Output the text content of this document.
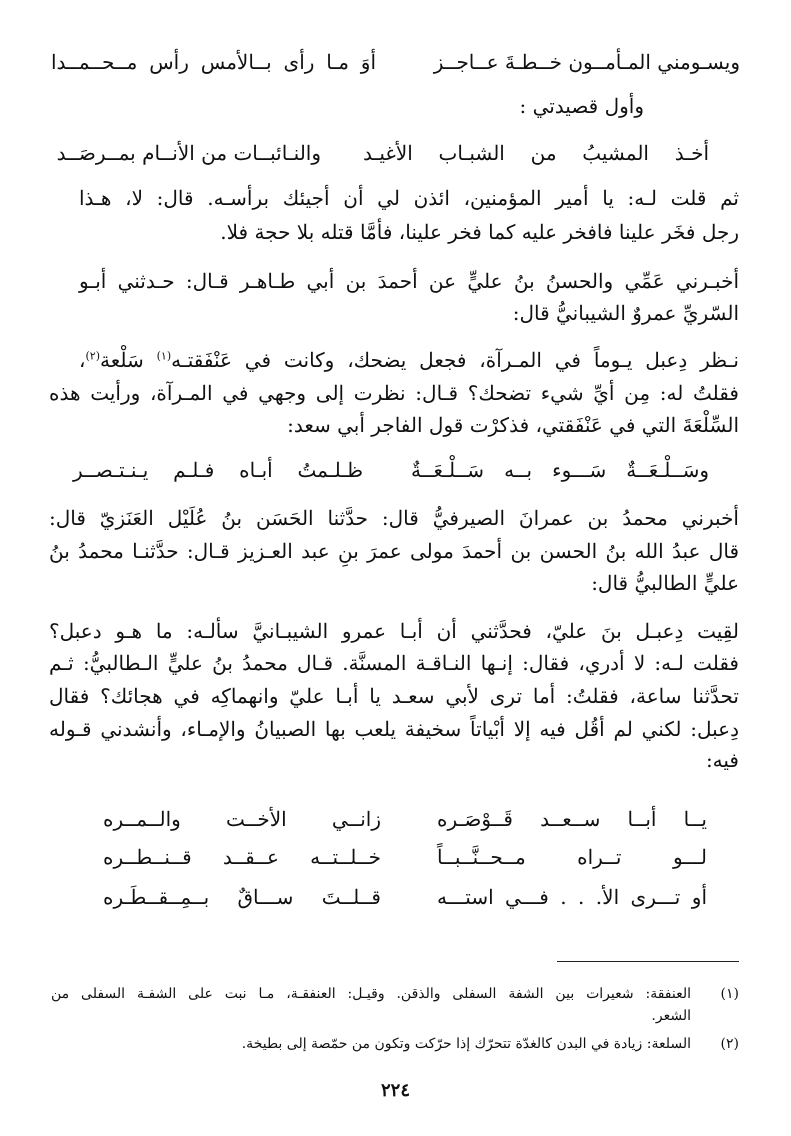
ويسـومني المـأمــون خــطـةَ عــاجــز
أوَ مـا رأى بــالأمس رأس مــحــمــدا
وأول قصيدتي :
أخـذ المشيبُ من الشبـاب الأغيـد
والنـائبــات من الأنــام بمــرصَــد
ثم قلت لـه: يا أمير المؤمنين، ائذن لي أن أجيئك برأسـه. قال: لا، هـذا
رجل فخَر علينا فافخر عليه كما فخر علينا، فأمَّا قتله بلا حجة فلا.
أخبـرني عَمِّي والحسنُ بنُ عليٍّ عن أحمدَ بن أبي طـاهـر قـال: حـدثني أبـو
السّريِّ عمروٌ الشيبانيُّ قال:
نـظر دِعبل يـوماً في المـرآة، فجعل يضحك، وكانت في عَنْفَقتـه$^{(١)}$ سَلْعة$^{(٢)}$،
فقلتُ له: مِن أيِّ شيء تضحك؟ قـال: نظرت إلى وجهي في المـرآة، ورأيت هذه
السِّلْعَةَ التي في عَنْفَقتي، فذكرْت قول الفاجر أبي سعد:
وسَــلْـعَــةٌ سَـــوء بــه سَــلْـعَــةٌ
ظـلـمتُ أبـاه فـلـم يـنـتـصــر
أخبرني محمدُ بن عمرانَ الصيرفيُّ قال: حدَّثنا الحَسَن بنُ عُلَيْل العَنَزيّ قال:
قال عبدُ الله بنُ الحسن بن أحمدَ مولى عمرَ بنِ عبد العـزيز قـال: حدَّثنـا محمدُ بنُ
عليٍّ الطالبيُّ قال:
لقِيت دِعبـل بنَ عليّ، فحدَّثني أن أبـا عمرو الشيبـانيَّ سألـه: ما هـو دعبل؟
فقلت لـه: لا أدري، فقال: إنـها النـاقـة المسنَّة. قـال محمدُ بنُ عليٍّ الـطالبيُّ: ثـم
تحدَّثنا ساعة، فقلتُ: أما ترى لأبي سعـد يا أبـا عليّ وانهماكِه في هجائك؟ فقال
دِعبل: لكني لم أقُل فيه إلا أبْياتاً سخيفة يلعب بها الصبيانُ والإمـاء، وأنشدني قـوله
فيه:
يــا أبــا ســعــد قَــوْصَـره
زانــي الأخــت والــمــره
لـــو تــراه مــحــنَّــبــاً
خــلــتــه عــقــد قــنــطــره
أو تـــرى الأ. . . فـــي استـــه
قــلــتَ ســـاقٌ بــمِــقــطَـره
(١)
العنفقة: شعيرات بين الشفة السفلى والذقن. وقيـل: العنفقـة، مـا نبت على الشفـة السفلى من
الشعر.
(٢)
السلعة: زيادة في البدن كالغدّة تتحرّك إذا حرّكت وتكون من حمّصة إلى بطيخة.
٢٢٤
